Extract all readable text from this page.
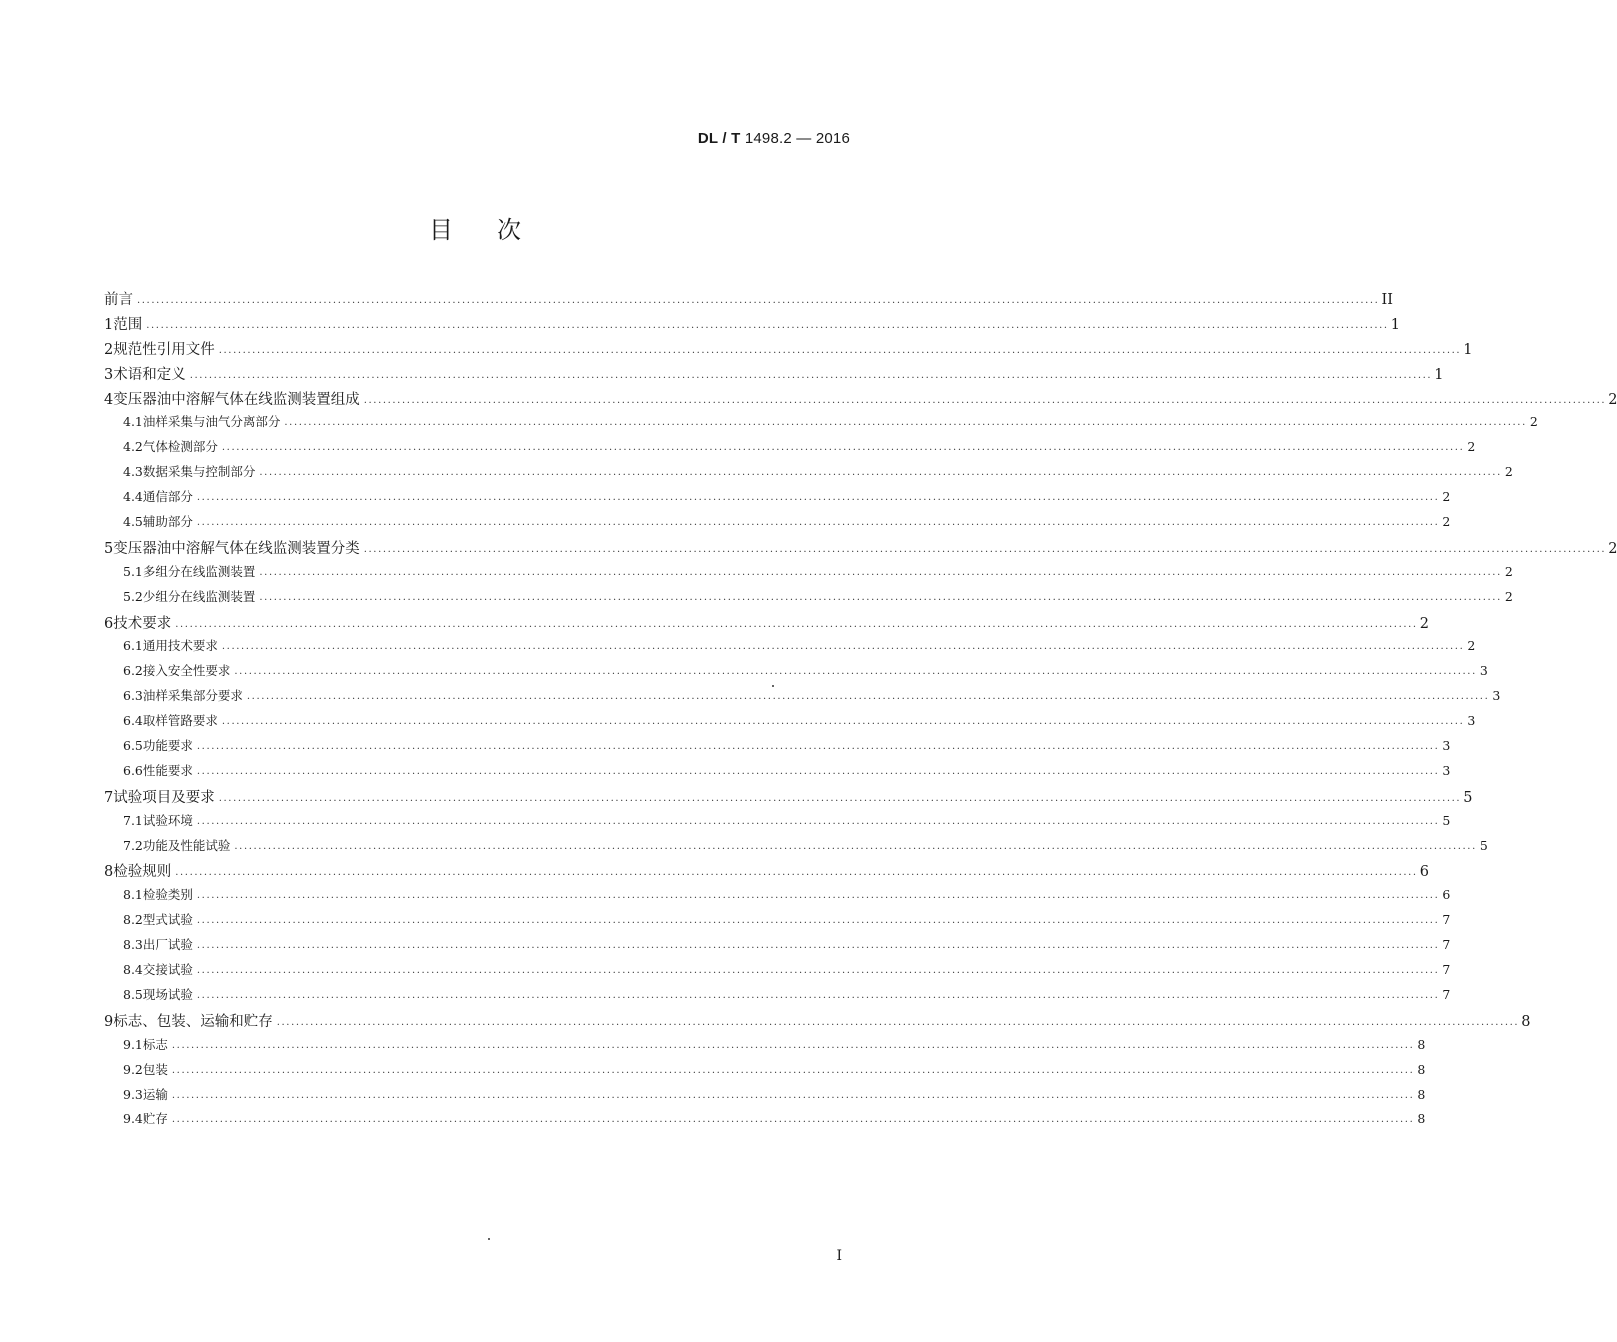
DL / T 1498.2 — 2016
目次
前言 .................................................................................................................................................................................................................................................................... II
1 范围 .................................................................................................................................................................................................................................................................... 1
2 规范性引用文件 .................................................................................................................................................................................................................................................................... 1
3 术语和定义 .................................................................................................................................................................................................................................................................... 1
4 变压器油中溶解气体在线监测装置组成 .................................................................................................................................................................................................................................................................... 2
4.1 油样采集与油气分离部分 .................................................................................................................................................................................................................................................................... 2
4.2 气体检测部分 .................................................................................................................................................................................................................................................................... 2
4.3 数据采集与控制部分 .................................................................................................................................................................................................................................................................... 2
4.4 通信部分 .................................................................................................................................................................................................................................................................... 2
4.5 辅助部分 .................................................................................................................................................................................................................................................................... 2
5 变压器油中溶解气体在线监测装置分类 .................................................................................................................................................................................................................................................................... 2
5.1 多组分在线监测装置 .................................................................................................................................................................................................................................................................... 2
5.2 少组分在线监测装置 .................................................................................................................................................................................................................................................................... 2
6 技术要求 .................................................................................................................................................................................................................................................................... 2
6.1 通用技术要求 .................................................................................................................................................................................................................................................................... 2
6.2 接入安全性要求 .................................................................................................................................................................................................................................................................... 3
6.3 油样采集部分要求 .................................................................................................................................................................................................................................................................... 3
6.4 取样管路要求 .................................................................................................................................................................................................................................................................... 3
6.5 功能要求 .................................................................................................................................................................................................................................................................... 3
6.6 性能要求 .................................................................................................................................................................................................................................................................... 3
7 试验项目及要求 .................................................................................................................................................................................................................................................................... 5
7.1 试验环境 .................................................................................................................................................................................................................................................................... 5
7.2 功能及性能试验 .................................................................................................................................................................................................................................................................... 5
8 检验规则 .................................................................................................................................................................................................................................................................... 6
8.1 检验类别 .................................................................................................................................................................................................................................................................... 6
8.2 型式试验 .................................................................................................................................................................................................................................................................... 7
8.3 出厂试验 .................................................................................................................................................................................................................................................................... 7
8.4 交接试验 .................................................................................................................................................................................................................................................................... 7
8.5 现场试验 .................................................................................................................................................................................................................................................................... 7
9 标志、包装、运输和贮存 .................................................................................................................................................................................................................................................................... 8
9.1 标志 .................................................................................................................................................................................................................................................................... 8
9.2 包装 .................................................................................................................................................................................................................................................................... 8
9.3 运输 .................................................................................................................................................................................................................................................................... 8
9.4 贮存 .................................................................................................................................................................................................................................................................... 8
I
